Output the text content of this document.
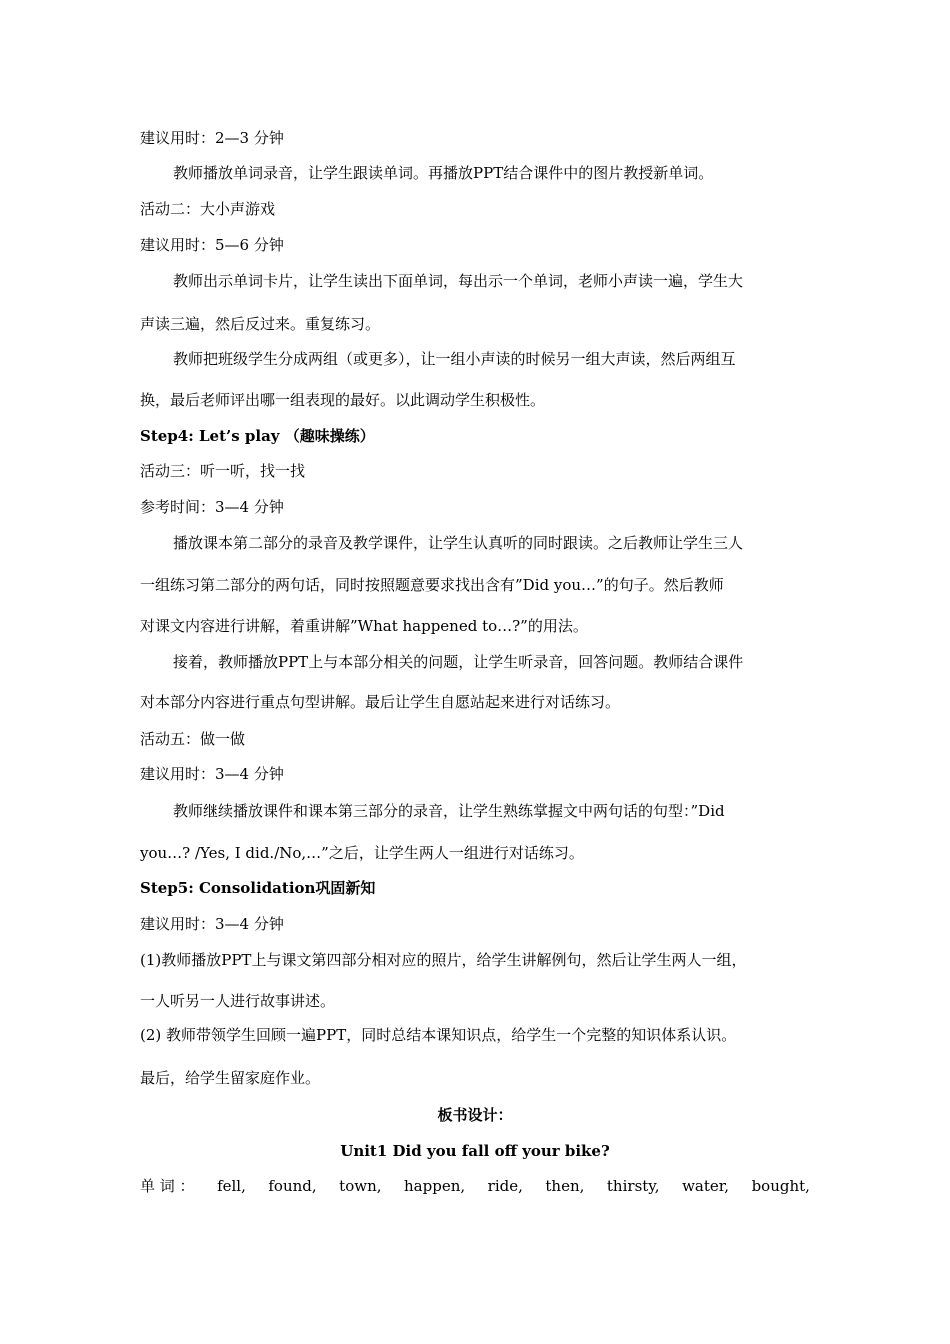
建议用时：2—3 分钟
教师播放单词录音，让学生跟读单词。再播放PPT结合课件中的图片教授新单词。
活动二：大小声游戏
建议用时：5—6 分钟
教师出示单词卡片，让学生读出下面单词，每出示一个单词，老师小声读一遍，学生大
声读三遍，然后反过来。重复练习。
教师把班级学生分成两组（或更多），让一组小声读的时候另一组大声读，然后两组互
换，最后老师评出哪一组表现的最好。以此调动学生积极性。
Step4: Let’s play （趣味操练）
活动三：听一听，找一找
参考时间：3—4 分钟
播放课本第二部分的录音及教学课件，让学生认真听的同时跟读。之后教师让学生三人
一组练习第二部分的两句话，同时按照题意要求找出含有”Did you…”的句子。然后教师
对课文内容进行讲解，着重讲解”What happened to…?”的用法。
接着，教师播放PPT上与本部分相关的问题，让学生听录音，回答问题。教师结合课件
对本部分内容进行重点句型讲解。最后让学生自愿站起来进行对话练习。
活动五：做一做
建议用时：3—4 分钟
教师继续播放课件和课本第三部分的录音，让学生熟练掌握文中两句话的句型：”Did
you…? /Yes, I did./No,…”之后，让学生两人一组进行对话练习。
Step5: Consolidation巩固新知
建议用时：3—4 分钟
(1)教师播放PPT上与课文第四部分相对应的照片，给学生讲解例句，然后让学生两人一组，
一人听另一人进行故事讲述。
(2) 教师带领学生回顾一遍PPT，同时总结本课知识点，给学生一个完整的知识体系认识。
最后，给学生留家庭作业。
板书设计：
Unit1 Did you fall off your bike?
单 词 ： fell, found, town, happen, ride, then, thirsty, water, bought,
